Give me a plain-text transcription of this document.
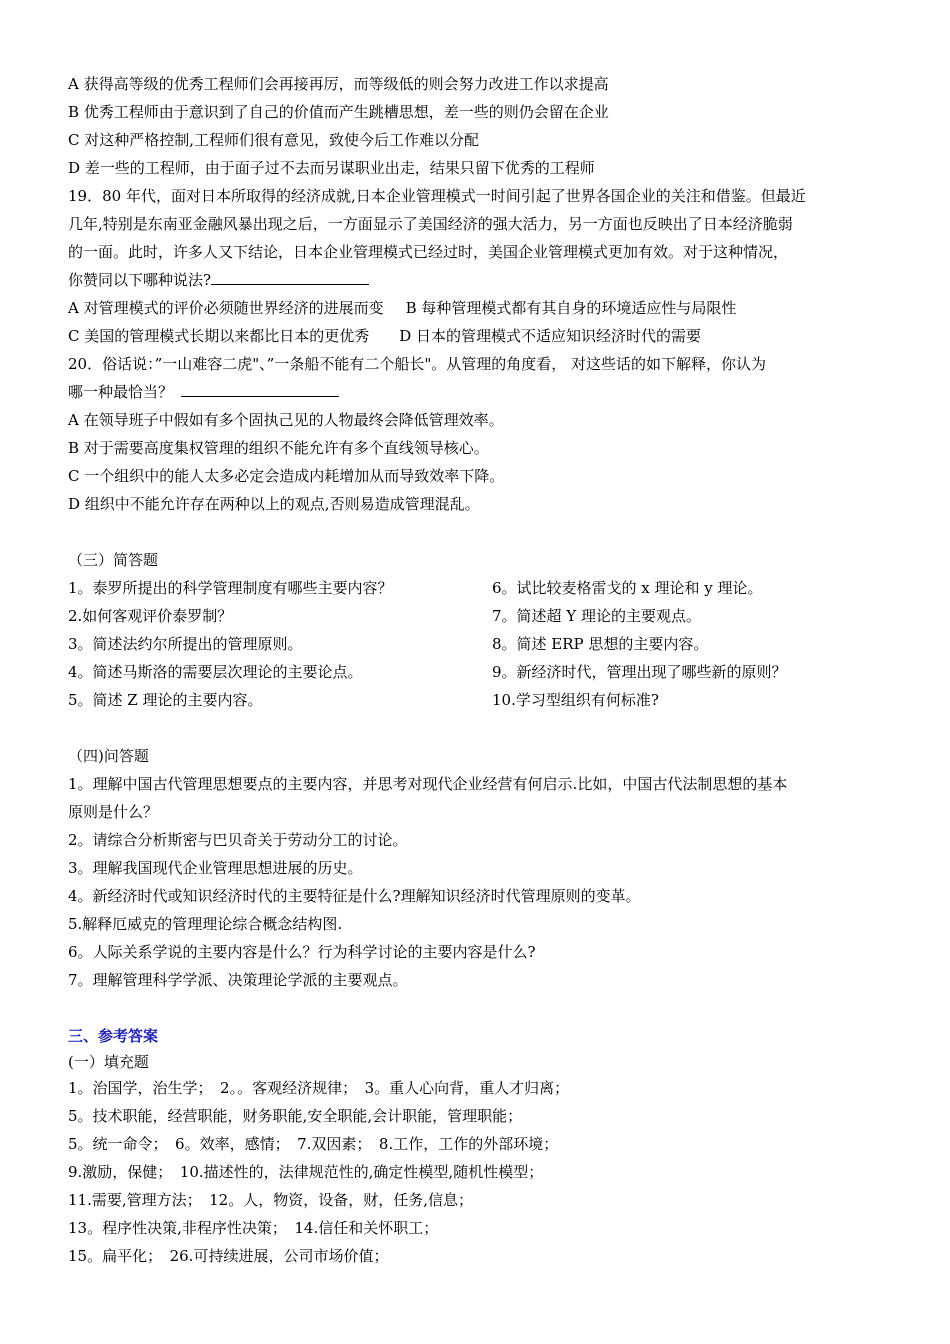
A 获得高等级的优秀工程师们会再接再厉，而等级低的则会努力改进工作以求提高
B 优秀工程师由于意识到了自己的价值而产生跳槽思想，差一些的则仍会留在企业
C 对这种严格控制,工程师们很有意见，致使今后工作难以分配
D 差一些的工程师，由于面子过不去而另谋职业出走，结果只留下优秀的工程师
19．80 年代，面对日本所取得的经济成就,日本企业管理模式一时间引起了世界各国企业的关注和借鉴。但最近
几年,特别是东南亚金融风暴出现之后，一方面显示了美国经济的强大活力，另一方面也反映出了日本经济脆弱
的一面。此时，许多人又下结论，日本企业管理模式已经过时，美国企业管理模式更加有效。对于这种情况，
你赞同以下哪种说法?
A 对管理模式的评价必须随世界经济的进展而变 B 每种管理模式都有其自身的环境适应性与局限性
C 美国的管理模式长期以来都比日本的更优秀 D 日本的管理模式不适应知识经济时代的需要
20．俗话说：”一山难容二虎"、”一条船不能有二个船长"。从管理的角度看， 对这些话的如下解释，你认为
哪一种最恰当？
A 在领导班子中假如有多个固执己见的人物最终会降低管理效率。
B 对于需要高度集权管理的组织不能允许有多个直线领导核心。
C 一个组织中的能人太多必定会造成内耗增加从而导致效率下降。
D 组织中不能允许存在两种以上的观点,否则易造成管理混乱。
（三）简答题
1。泰罗所提出的科学管理制度有哪些主要内容？
2.如何客观评价泰罗制？
3。简述法约尔所提出的管理原则。
4。简述马斯洛的需要层次理论的主要论点。
5。简述 Z 理论的主要内容。
6。试比较麦格雷戈的 x 理论和 y 理论。
7。简述超 Y 理论的主要观点。
8。简述 ERP 思想的主要内容。
9。新经济时代，管理出现了哪些新的原则？
10.学习型组织有何标准?
（四)问答题
1。理解中国古代管理思想要点的主要内容，并思考对现代企业经营有何启示.比如，中国古代法制思想的基本
原则是什么？
2。请综合分析斯密与巴贝奇关于劳动分工的讨论。
3。理解我国现代企业管理思想进展的历史。
4。新经济时代或知识经济时代的主要特征是什么?理解知识经济时代管理原则的变革。
5.解释厄威克的管理理论综合概念结构图.
6。人际关系学说的主要内容是什么？行为科学讨论的主要内容是什么?
7。理解管理科学学派、决策理论学派的主要观点。
三、参考答案
(一）填充题
1。治国学，治生学；　2。。客观经济规律；　3。重人心向背，重人才归离；
5。技术职能，经营职能，财务职能,安全职能,会计职能，管理职能；
5。统一命令；　6。效率，感情；　7.双因素；　8.工作，工作的外部环境；
9.激励，保健；　10.描述性的，法律规范性的,确定性模型,随机性模型；
11.需要,管理方法；　12。人，物资，设备，财，任务,信息；
13。程序性决策,非程序性决策；　14.信任和关怀职工；
15。扁平化；　26.可持续进展，公司市场价值；
